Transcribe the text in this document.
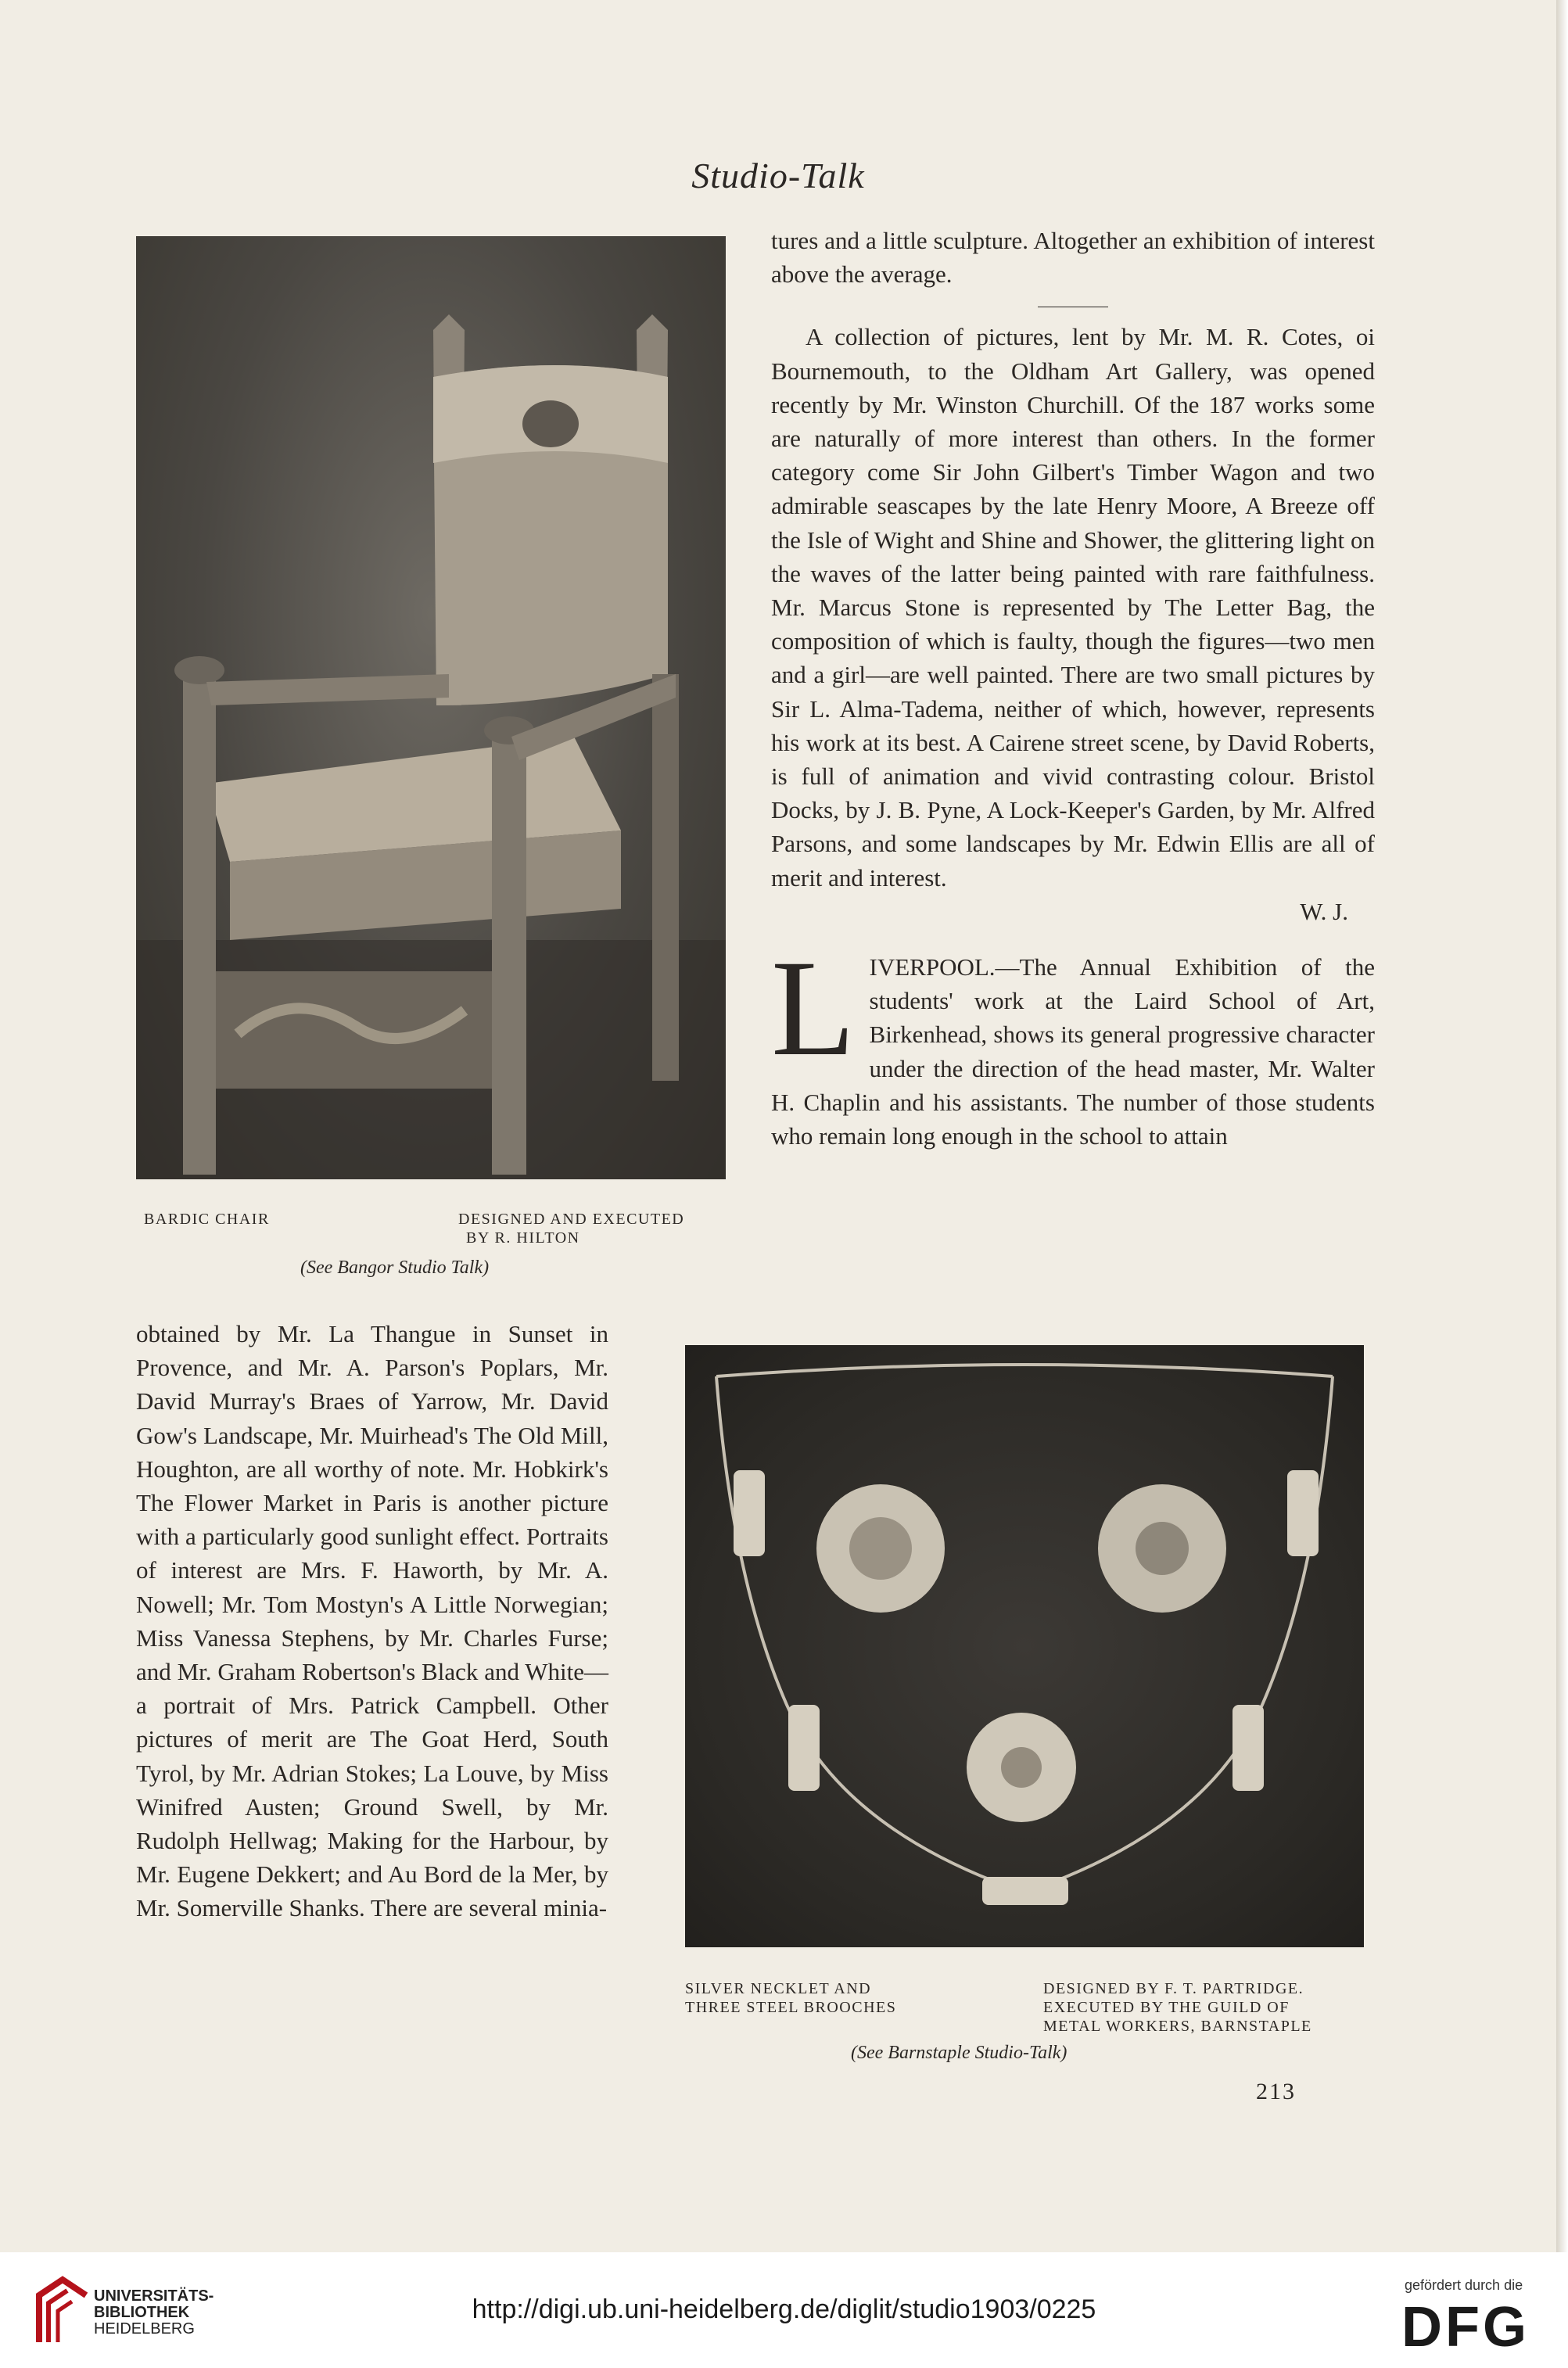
Studio-Talk
BARDIC CHAIR	DESIGNED AND EXECUTED
BY R. HILTON
(See Bangor Studio Talk)

tures and a little sculpture. Altogether an exhibition of interest above the average.

A collection of pictures, lent by Mr. M. R. Cotes, oi Bournemouth, to the Oldham Art Gallery, was opened recently by Mr. Winston Churchill. Of the 187 works some are naturally of more interest than others. In the former category come Sir John Gilbert's Timber Wagon and two admirable seascapes by the late Henry Moore, A Breeze off the Isle of Wight and Shine and Shower, the glittering light on the waves of the latter being painted with rare faithfulness. Mr. Marcus Stone is represented by The Letter Bag, the composition of which is faulty, though the figures—two men and a girl—are well painted. There are two small pictures by Sir L. Alma-Tadema, neither of which, however, represents his work at its best. A Cairene street scene, by David Roberts, is full of animation and vivid contrasting colour. Bristol Docks, by J. B. Pyne, A Lock-Keeper's Garden, by Mr. Alfred Parsons, and some landscapes by Mr. Edwin Ellis are all of merit and interest.

W. J.

L IVERPOOL.—The Annual Exhibition of the students' work at the Laird School of Art, Birkenhead, shows its general progressive character under the direction of the head master, Mr. Walter H. Chaplin and his assistants. The number of those students who remain long enough in the school to attain

obtained by Mr. La Thangue in Sunset in Provence, and Mr. A. Parson's Poplars, Mr. David Murray's Braes of Yarrow, Mr. David Gow's Landscape, Mr. Muirhead's The Old Mill, Houghton, are all worthy of note. Mr. Hobkirk's The Flower Market in Paris is another picture with a particularly good sunlight effect. Portraits of interest are Mrs. F. Haworth, by Mr. A. Nowell; Mr. Tom Mostyn's A Little Norwegian; Miss Vanessa Stephens, by Mr. Charles Furse; and Mr. Graham Robertson's Black and White—a portrait of Mrs. Patrick Campbell. Other pictures of merit are The Goat Herd, South Tyrol, by Mr. Adrian Stokes; La Louve, by Miss Winifred Austen; Ground Swell, by Mr. Rudolph Hellwag; Making for the Harbour, by Mr. Eugene Dekkert; and Au Bord de la Mer, by Mr. Somerville Shanks. There are several minia-

SILVER NECKLET AND
THREE STEEL BROOCHES
DESIGNED BY F. T. PARTRIDGE.
EXECUTED BY THE GUILD OF
METAL WORKERS, BARNSTAPLE
(See Barnstaple Studio-Talk)
213
UNIVERSITÄTS-
BIBLIOTHEK
HEIDELBERG
http://digi.ub.uni-heidelberg.de/diglit/studio1903/0225
gefördert durch die
DFG
